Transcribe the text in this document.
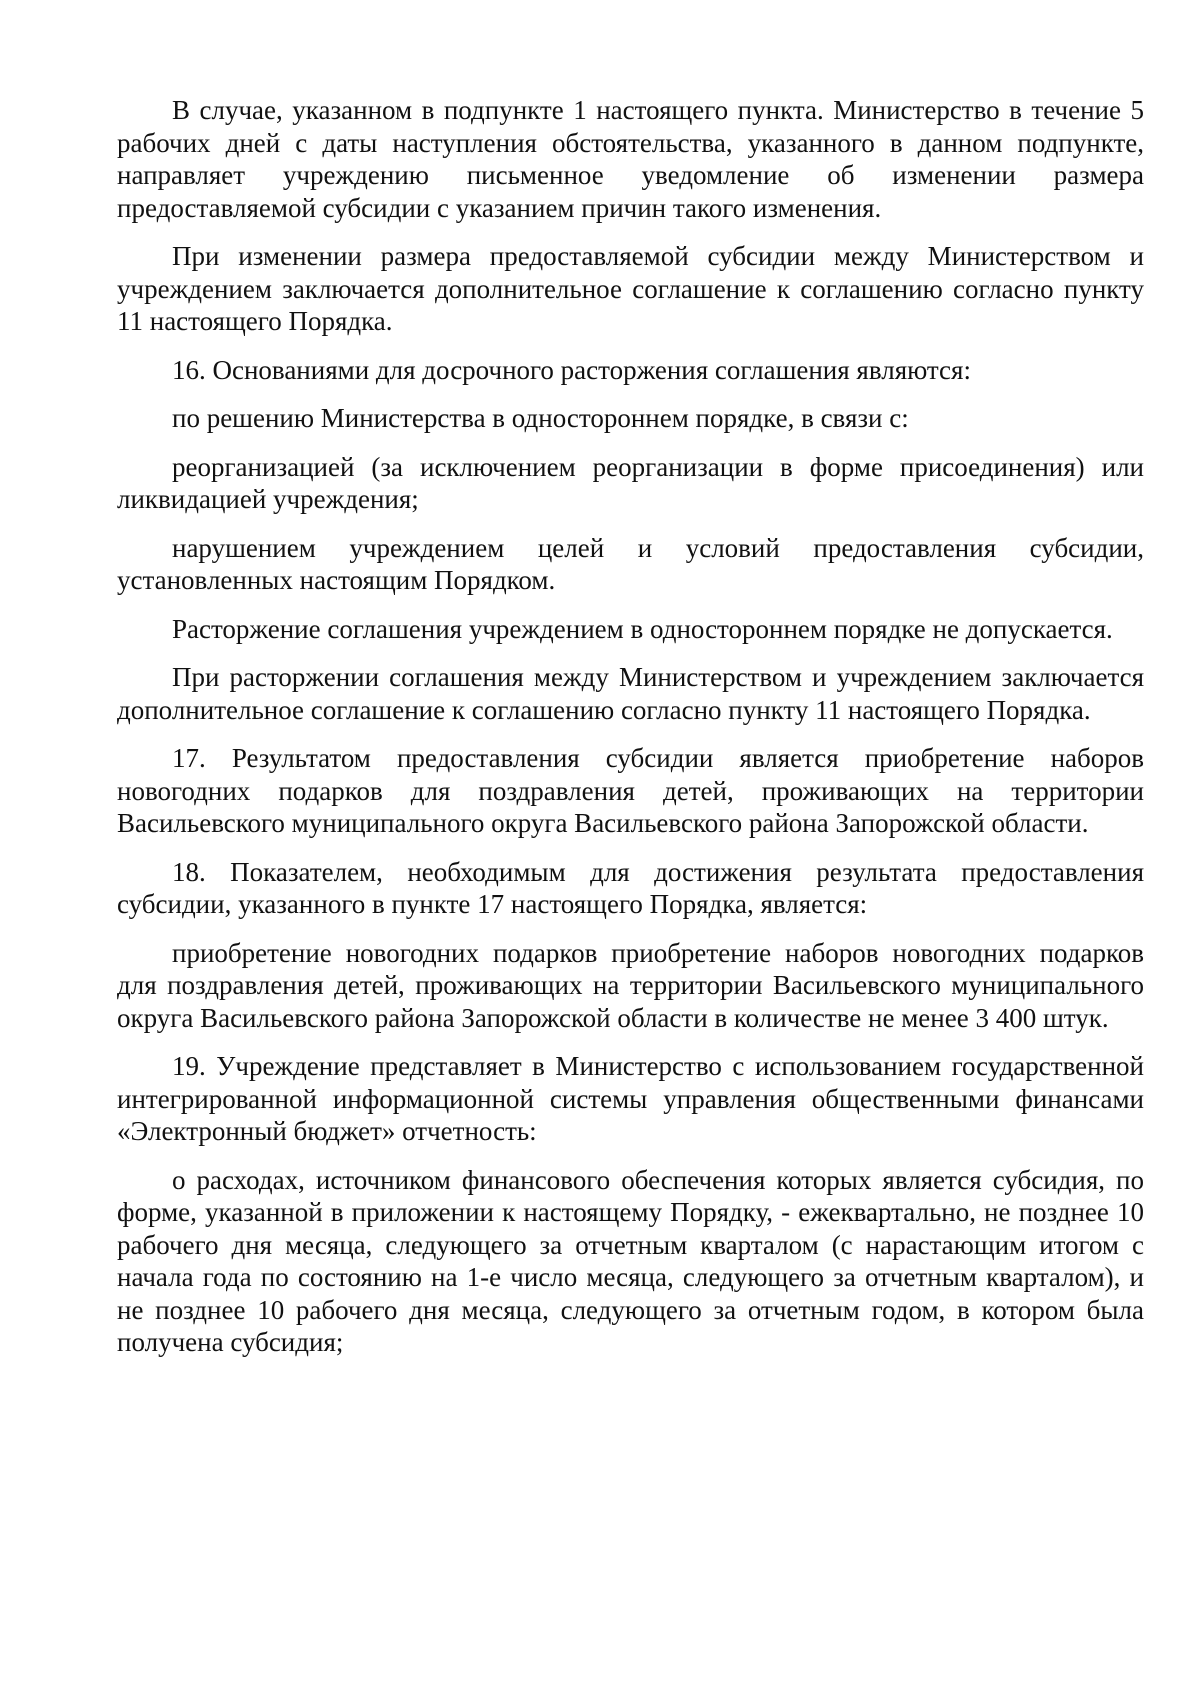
В случае, указанном в подпункте 1 настоящего пункта. Министерство в течение 5 рабочих дней с даты наступления обстоятельства, указанного в данном подпункте, направляет учреждению письменное уведомление об изменении размера предоставляемой субсидии с указанием причин такого изменения.

При изменении размера предоставляемой субсидии между Министерством и учреждением заключается дополнительное соглашение к соглашению согласно пункту 11 настоящего Порядка.

16. Основаниями для досрочного расторжения соглашения являются:

по решению Министерства в одностороннем порядке, в связи с:

реорганизацией (за исключением реорганизации в форме присоединения) или ликвидацией учреждения;

нарушением учреждением целей и условий предоставления субсидии, установленных настоящим Порядком.

Расторжение соглашения учреждением в одностороннем порядке не допускается.

При расторжении соглашения между Министерством и учреждением заключается дополнительное соглашение к соглашению согласно пункту 11 настоящего Порядка.

17. Результатом предоставления субсидии является приобретение наборов новогодних подарков для поздравления детей, проживающих на территории Васильевского муниципального округа Васильевского района Запорожской области.

18. Показателем, необходимым для достижения результата предоставления субсидии, указанного в пункте 17 настоящего Порядка, является:

приобретение новогодних подарков приобретение наборов новогодних подарков для поздравления детей, проживающих на территории Васильевского муниципального округа Васильевского района Запорожской области в количестве не менее 3 400 штук.

19. Учреждение представляет в Министерство с использованием государственной интегрированной информационной системы управления общественными финансами «Электронный бюджет» отчетность:

о расходах, источником финансового обеспечения которых является субсидия, по форме, указанной в приложении к настоящему Порядку, - ежеквартально, не позднее 10 рабочего дня месяца, следующего за отчетным кварталом (с нарастающим итогом с начала года по состоянию на 1-е число месяца, следующего за отчетным кварталом), и не позднее 10 рабочего дня месяца, следующего за отчетным годом, в котором была получена субсидия;
